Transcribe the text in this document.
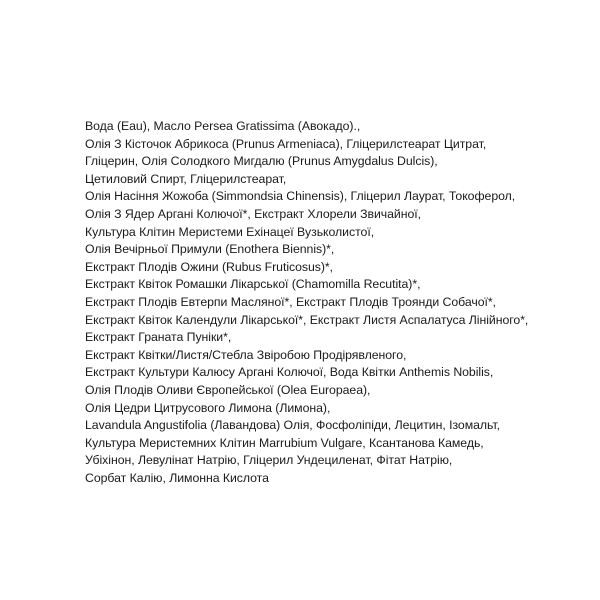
Вода (Eau), Масло Persea Gratissima (Авокадо).,
Олія З Кісточок Абрикоса (Prunus Armeniaca), Гліцерилстеарат Цитрат,
Гліцерин, Олія Солодкого Мигдалю (Prunus Amygdalus Dulcis),
Цетиловий Спирт, Гліцерилстеарат,
Олія Насіння Жожоба (Simmondsia Chinensis), Гліцерил Лаурат, Токоферол,
Олія З Ядер Аргані Колючої*, Екстракт Хлорели Звичайної,
Культура Клітин Меристеми Ехінацеї Вузьколистої,
Олія Вечірньої Примули (Enothera Biennis)*,
Екстракт Плодів Ожини (Rubus Fruticosus)*,
Екстракт Квіток Ромашки Лікарської (Chamomilla Recutita)*,
Екстракт Плодів Евтерпи Масляної*, Екстракт Плодів Троянди Собачої*,
Екстракт Квіток Календули Лікарської*, Екстракт Листя Аспалатуса Лінійного*,
Екстракт Граната Пуніки*,
Екстракт Квітки/Листя/Стебла Звіробою Продірявленого,
Екстракт Культури Калюсу Аргані Колючої, Вода Квітки Anthemis Nobilis,
Олія Плодів Оливи Європейської (Olea Europaea),
Олія Цедри Цитрусового Лимона (Лимона),
Lavandula Angustifolia (Лавандова) Олія, Фосфоліпіди, Лецитин, Ізомальт,
Культура Меристемних Клітин Marrubium Vulgare, Ксантанова Камедь,
Убіхінон, Левулінат Натрію, Гліцерил Ундециленат, Фітат Натрію,
Сорбат Калію, Лимонна Кислота
